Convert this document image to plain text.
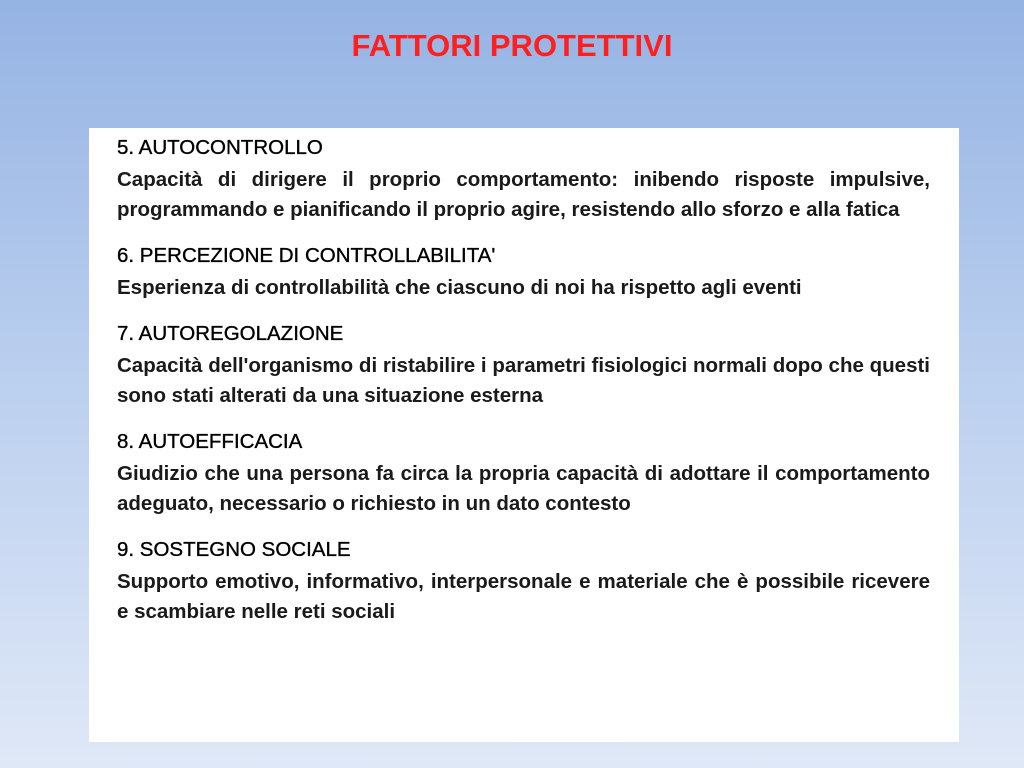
FATTORI PROTETTIVI

5. AUTOCONTROLLO

Capacità di dirigere il proprio comportamento: inibendo risposte impulsive, programmando e pianificando il proprio agire, resistendo allo sforzo e alla fatica

6. PERCEZIONE DI CONTROLLABILITA'

Esperienza di controllabilità che ciascuno di noi ha rispetto agli eventi

7. AUTOREGOLAZIONE

Capacità dell'organismo di ristabilire i parametri fisiologici normali dopo che questi sono stati alterati da una situazione esterna

8. AUTOEFFICACIA

Giudizio che una persona fa circa la propria capacità di adottare il comportamento adeguato, necessario o richiesto in un dato contesto

9. SOSTEGNO SOCIALE

Supporto emotivo, informativo, interpersonale e materiale che è possibile ricevere e scambiare nelle reti sociali
